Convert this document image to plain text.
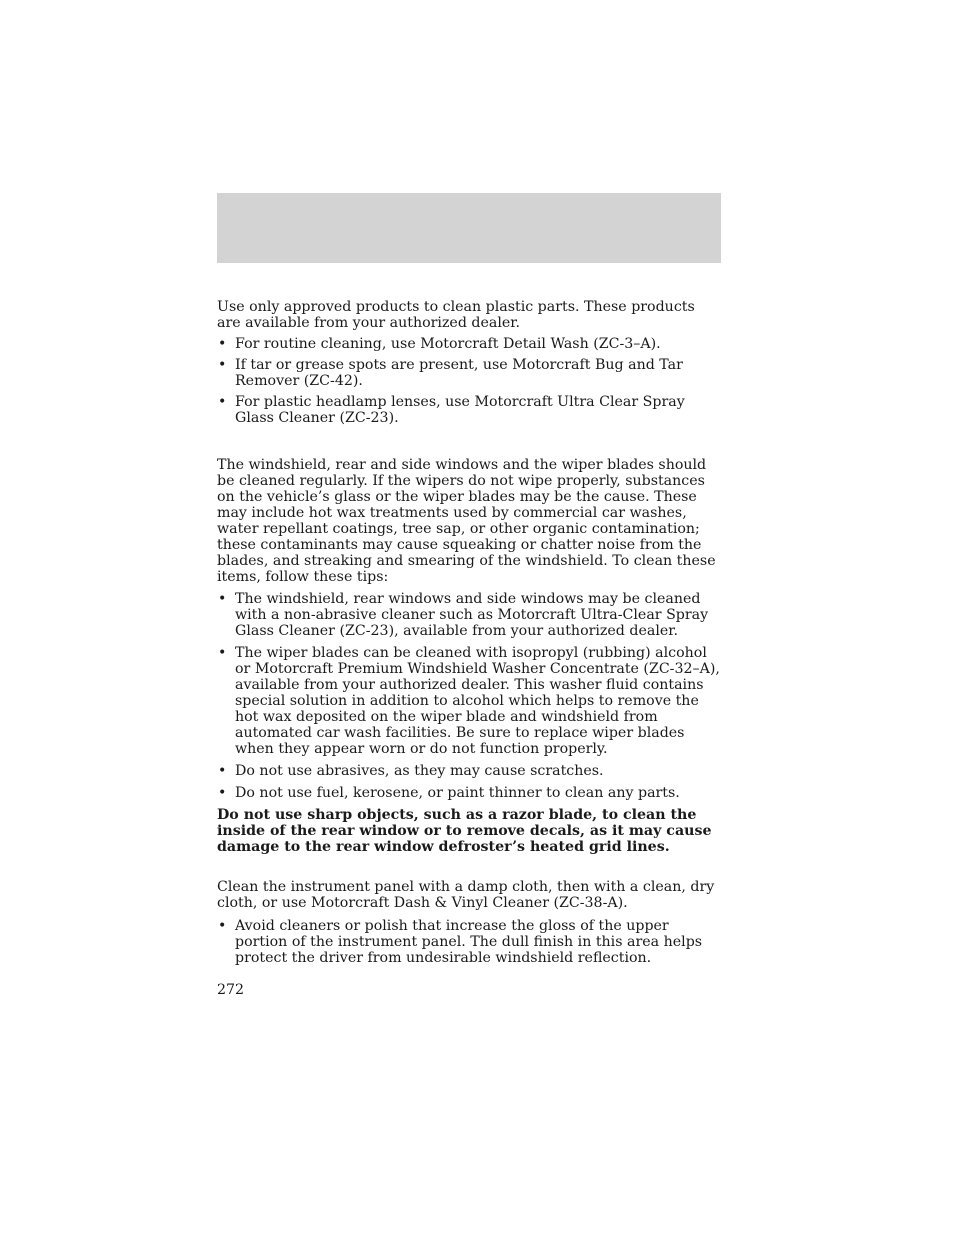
Use only approved products to clean plastic parts. These products are available from your authorized dealer.

• For routine cleaning, use Motorcraft Detail Wash (ZC-3–A).
• If tar or grease spots are present, use Motorcraft Bug and Tar Remover (ZC-42).
• For plastic headlamp lenses, use Motorcraft Ultra Clear Spray Glass Cleaner (ZC-23).

The windshield, rear and side windows and the wiper blades should be cleaned regularly. If the wipers do not wipe properly, substances on the vehicle’s glass or the wiper blades may be the cause. These may include hot wax treatments used by commercial car washes, water repellant coatings, tree sap, or other organic contamination; these contaminants may cause squeaking or chatter noise from the blades, and streaking and smearing of the windshield. To clean these items, follow these tips:

• The windshield, rear windows and side windows may be cleaned with a non-abrasive cleaner such as Motorcraft Ultra-Clear Spray Glass Cleaner (ZC-23), available from your authorized dealer.
• The wiper blades can be cleaned with isopropyl (rubbing) alcohol or Motorcraft Premium Windshield Washer Concentrate (ZC-32–A), available from your authorized dealer. This washer fluid contains special solution in addition to alcohol which helps to remove the hot wax deposited on the wiper blade and windshield from automated car wash facilities. Be sure to replace wiper blades when they appear worn or do not function properly.
• Do not use abrasives, as they may cause scratches.
• Do not use fuel, kerosene, or paint thinner to clean any parts.

Do not use sharp objects, such as a razor blade, to clean the inside of the rear window or to remove decals, as it may cause damage to the rear window defroster’s heated grid lines.

Clean the instrument panel with a damp cloth, then with a clean, dry cloth, or use Motorcraft Dash & Vinyl Cleaner (ZC-38-A).

• Avoid cleaners or polish that increase the gloss of the upper portion of the instrument panel. The dull finish in this area helps protect the driver from undesirable windshield reflection.
272
